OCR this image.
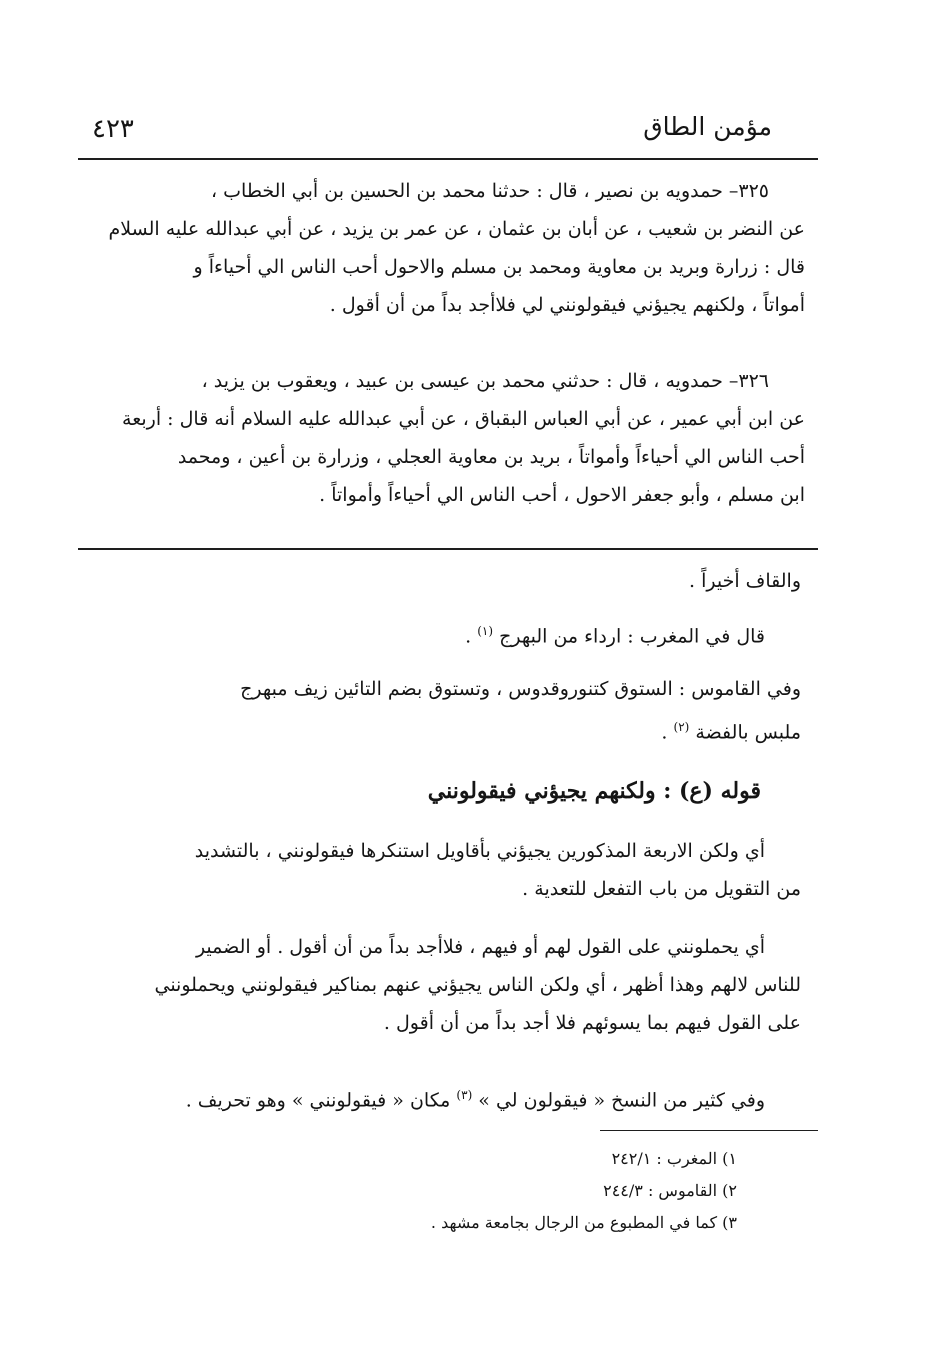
مؤمن الطاق
٤٢٣
٣٢٥– حمدويه بن نصير ، قال : حدثنا محمد بن الحسين بن أبي الخطاب ،
عن النضر بن شعيب ، عن أبان بن عثمان ، عن عمر بن يزيد ، عن أبي عبدالله عليه السلام
قال : زرارة وبريد بن معاوية ومحمد بن مسلم والاحول أحب الناس الي أحياءاً و
أمواتاً ، ولكنهم يجيؤني فيقولونني لي فلاأجد بداً من أن أقول .
٣٢٦– حمدويه ، قال : حدثني محمد بن عيسى بن عبيد ، ويعقوب بن يزيد ،
عن ابن أبي عمير ، عن أبي العباس البقباق ، عن أبي عبدالله عليه السلام أنه قال : أربعة
أحب الناس الي أحياءاً وأمواتاً ، بريد بن معاوية العجلي ، وزرارة بن أعين ، ومحمد
ابن مسلم ، وأبو جعفر الاحول ، أحب الناس الي أحياءاً وأمواتاً .
والقاف أخيراً .
قال في المغرب : ارداء من البهرج $^{(١)}$ .
وفي القاموس : الستوق كتنوروقدوس ، وتستوق بضم التائين زيف مبهرج
ملبس بالفضة $^{(٢)}$ .
قوله (ع) : ولكنهم يجيؤني فيقولونني
أي ولكن الاربعة المذكورين يجيؤني بأقاويل استنكرها فيقولونني ، بالتشديد
من التقويل من باب التفعل للتعدية .
أي يحملونني على القول لهم أو فيهم ، فلاأجد بداً من أن أقول . أو الضمير
للناس لالهم وهذا أظهر ، أي ولكن الناس يجيؤني عنهم بمناكير فيقولونني ويحملونني
على القول فيهم بما يسوئهم فلا أجد بداً من أن أقول .
وفي كثير من النسخ « فيقولون لي » $^{(٣)}$ مكان « فيقولونني » وهو تحريف .
١) المغرب : ٢٤٢/١
٢) القاموس : ٢٤٤/٣
٣) كما في المطبوع من الرجال بجامعة مشهد .
